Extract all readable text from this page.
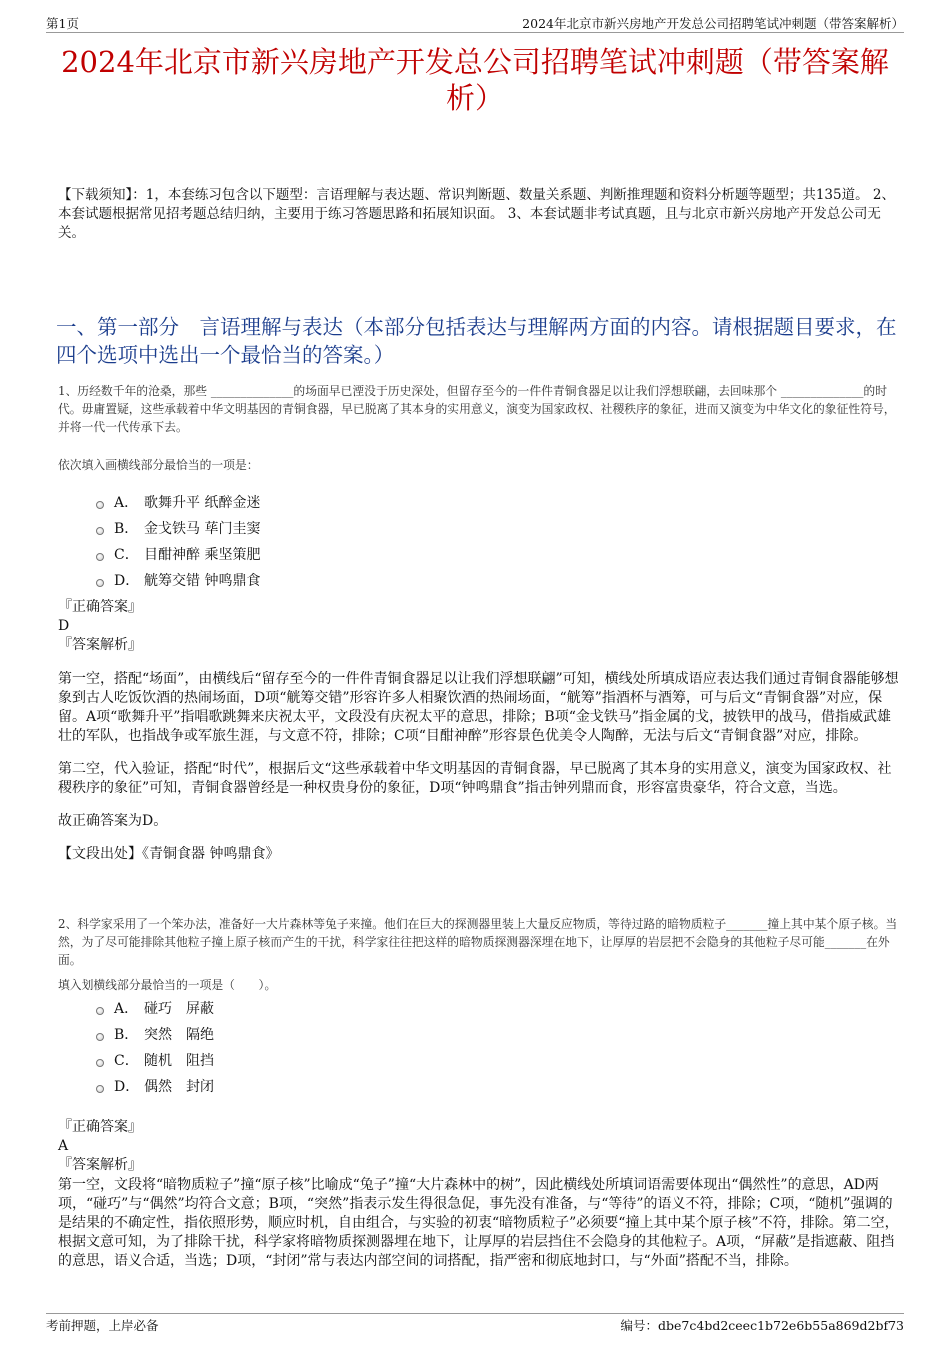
第1页	2024年北京市新兴房地产开发总公司招聘笔试冲刺题（带答案解析）
2024年北京市新兴房地产开发总公司招聘笔试冲刺题（带答案解析）
【下载须知】：1，本套练习包含以下题型：言语理解与表达题、常识判断题、数量关系题、判断推理题和资料分析题等题型；共135道。 2、本套试题根据常见招考题总结归纳，主要用于练习答题思路和拓展知识面。 3、本套试题非考试真题，且与北京市新兴房地产开发总公司无关。
一、第一部分　言语理解与表达（本部分包括表达与理解两方面的内容。请根据题目要求，在四个选项中选出一个最恰当的答案。）
1、历经数千年的沧桑，那些 ______________的场面早已湮没于历史深处，但留存至今的一件件青铜食器足以让我们浮想联翩，去回味那个 ______________的时代。毋庸置疑，这些承载着中华文明基因的青铜食器，早已脱离了其本身的实用意义，演变为国家政权、社稷秩序的象征，进而又演变为中华文化的象征性符号，并将一代一代传承下去。
依次填入画横线部分最恰当的一项是：
A． 歌舞升平 纸醉金迷
B． 金戈铁马 荜门圭窦
C． 目酣神醉 乘坚策肥
D． 觥筹交错 钟鸣鼎食

『正确答案』

D

『答案解析』

第一空，搭配“场面”，由横线后“留存至今的一件件青铜食器足以让我们浮想联翩”可知，横线处所填成语应表达我们通过青铜食器能够想象到古人吃饭饮酒的热闹场面，D项“觥筹交错”形容许多人相聚饮酒的热闹场面，“觥筹”指酒杯与酒筹，可与后文“青铜食器”对应，保留。A项“歌舞升平”指唱歌跳舞来庆祝太平，文段没有庆祝太平的意思，排除；B项“金戈铁马”指金属的戈，披铁甲的战马，借指威武雄壮的军队，也指战争或军旅生涯，与文意不符，排除；C项“目酣神醉”形容景色优美令人陶醉，无法与后文“青铜食器”对应，排除。

第二空，代入验证，搭配“时代”，根据后文“这些承载着中华文明基因的青铜食器，早已脱离了其本身的实用意义，演变为国家政权、社稷秩序的象征”可知，青铜食器曾经是一种权贵身份的象征，D项“钟鸣鼎食”指击钟列鼎而食，形容富贵豪华，符合文意，当选。

故正确答案为D。

【文段出处】《青铜食器 钟鸣鼎食》

2、科学家采用了一个笨办法，准备好一大片森林等兔子来撞。他们在巨大的探测器里装上大量反应物质，等待过路的暗物质粒子_______撞上其中某个原子核。当然，为了尽可能排除其他粒子撞上原子核而产生的干扰，科学家往往把这样的暗物质探测器深埋在地下，让厚厚的岩层把不会隐身的其他粒子尽可能_______在外面。
填入划横线部分最恰当的一项是（　　）。
A． 碰巧　屏蔽
B． 突然　隔绝
C． 随机　阻挡
D． 偶然　封闭

『正确答案』

A

『答案解析』

第一空，文段将“暗物质粒子”撞“原子核”比喻成“兔子”撞“大片森林中的树”，因此横线处所填词语需要体现出“偶然性”的意思，AD两项，“碰巧”与“偶然”均符合文意；B项，“突然”指表示发生得很急促，事先没有准备，与“等待”的语义不符，排除；C项，“随机”强调的是结果的不确定性，指依照形势，顺应时机，自由组合，与实验的初衷“暗物质粒子”必须要“撞上其中某个原子核”不符，排除。第二空，根据文意可知，为了排除干扰，科学家将暗物质探测器埋在地下，让厚厚的岩层挡住不会隐身的其他粒子。A项，“屏蔽”是指遮蔽、阻挡的意思，语义合适，当选；D项，“封闭”常与表达内部空间的词搭配，指严密和彻底地封口，与“外面”搭配不当，排除。
考前押题，上岸必备	编号：dbe7c4bd2ceec1b72e6b55a869d2bf73
